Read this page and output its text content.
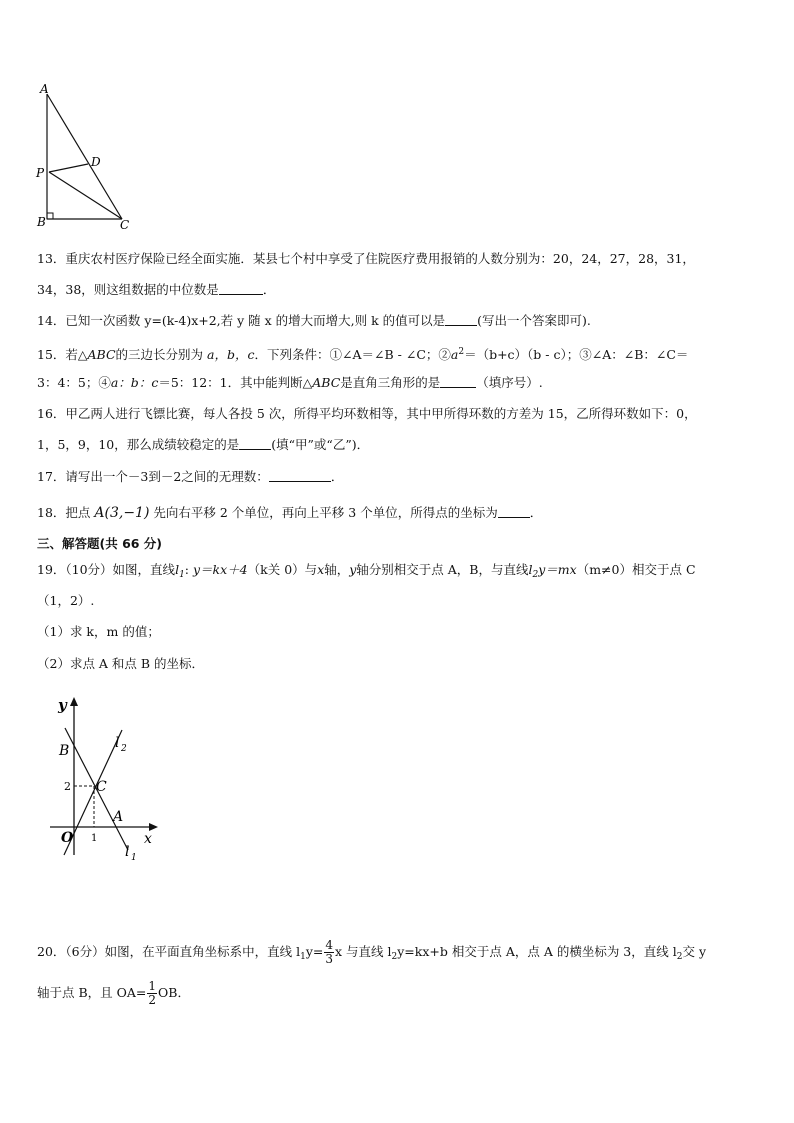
A
P
D
B	C
13．重庆农村医疗保险已经全面实施．某县七个村中享受了住院医疗费用报销的人数分别为：20，24，27，28，31，
34，38，则这组数据的中位数是	．
14．已知一次函数 y=(k-4)x+2,若 y 随 x 的增大而增大,则 k 的值可以是	(写出一个答案即可).
15．若△ABC的三边长分别为 a，b，c．下列条件：①∠A＝∠B - ∠C；$②a^2=(b+c)(b - c)$；③∠A：∠B：∠C＝
3：4：5；④a：b：c＝5：12：1．其中能判断△ABC是直角三角形的是	（填序号）.
16．甲乙两人进行飞镖比赛，每人各投 5 次，所得平均环数相等，其中甲所得环数的方差为 15，乙所得环数如下：0，
1，5，9，10，那么成绩较稳定的是	(填“甲”或“乙”)．
17．请写出一个－3到－2之间的无理数：	．
18．把点 A(3,−1) 先向右平移 2 个单位，再向上平移 3 个单位，所得点的坐标为	．
三、解答题(共 66 分)
19．（10分）如图，直线$l_1$: y＝kx＋4（k关 0）与x轴，y轴分别相交于点 A，B，与直线$l_2y=mx(m\ne 0)$相交于点 C
（1，2）.
（1）求 k，m 的值；
（2）求点 A 和点 B 的坐标．
y
B	l 2
2 C
A
O 1	x
l 1
20．（6分）如图，在平面直角坐标系中，直线 $l_1y= \frac{4}{3}$ x 与直线 $l_2y=kx+b$ 相交于点 A，点 A 的横坐标为 3，直线 $l_2$交 y
轴于点 B，且 $OA= \frac{1}{2}$ OB．
